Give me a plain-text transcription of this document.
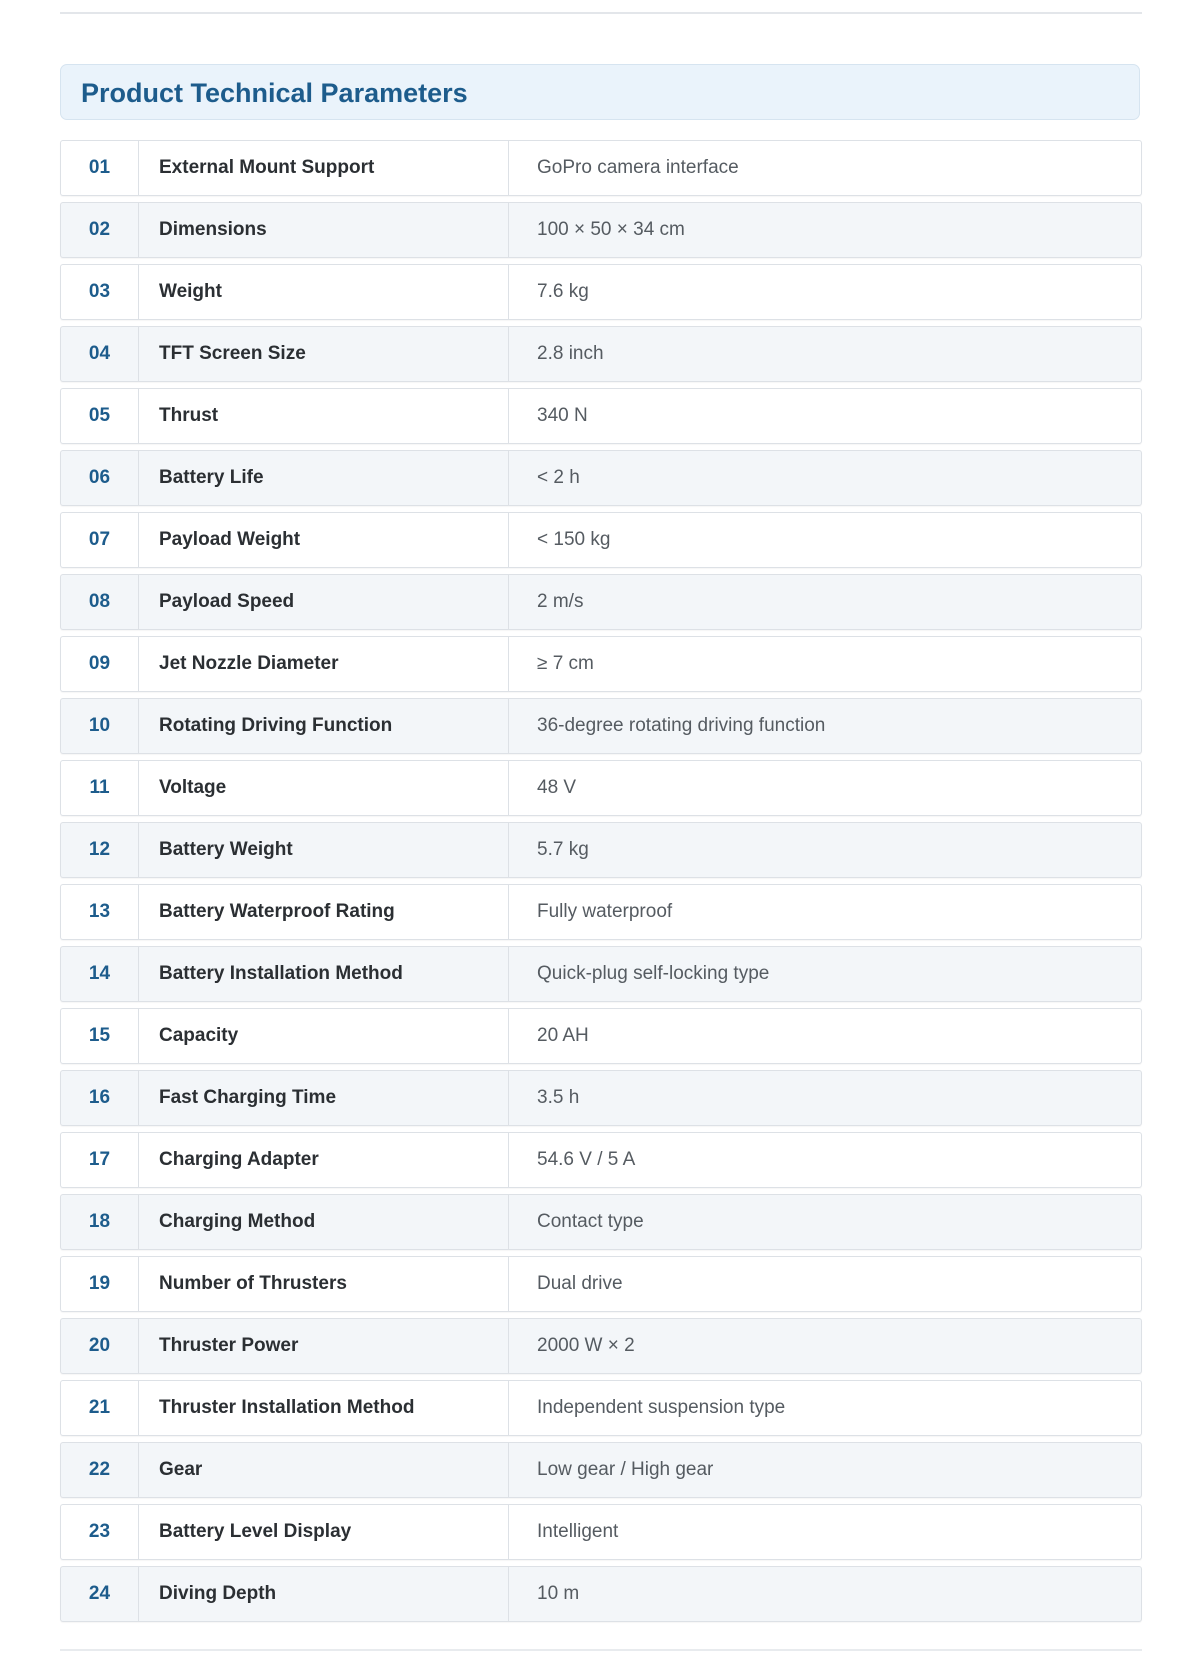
Product Technical Parameters
01	External Mount Support	GoPro camera interface
02	Dimensions	100 × 50 × 34 cm
03	Weight	7.6 kg
04	TFT Screen Size	2.8 inch
05	Thrust	340 N
06	Battery Life	< 2 h
07	Payload Weight	< 150 kg
08	Payload Speed	2 m/s
09	Jet Nozzle Diameter	≥ 7 cm
10	Rotating Driving Function	36-degree rotating driving function
11	Voltage	48 V
12	Battery Weight	5.7 kg
13	Battery Waterproof Rating	Fully waterproof
14	Battery Installation Method	Quick-plug self-locking type
15	Capacity	20 AH
16	Fast Charging Time	3.5 h
17	Charging Adapter	54.6 V / 5 A
18	Charging Method	Contact type
19	Number of Thrusters	Dual drive
20	Thruster Power	2000 W × 2
21	Thruster Installation Method	Independent suspension type
22	Gear	Low gear / High gear
23	Battery Level Display	Intelligent
24	Diving Depth	10 m
